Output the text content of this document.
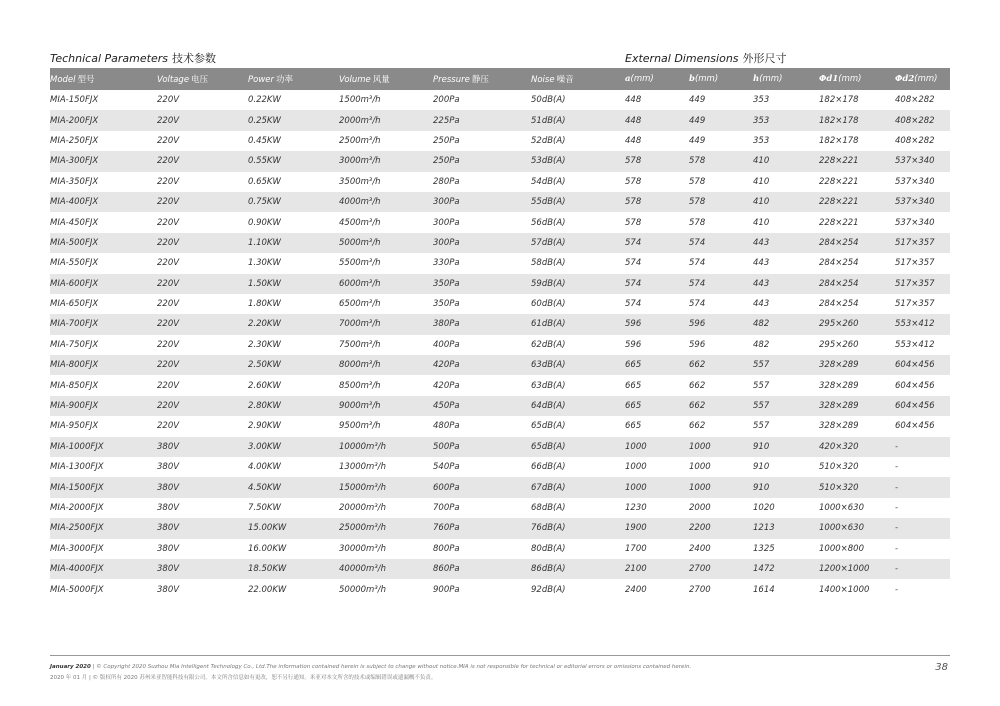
Technical Parameters 技术参数	External Dimensions 外形尺寸
Model 型号	Voltage 电压	Power 功率	Volume 风量	Pressure 静压	Noise 噪音	a(mm)	b(mm)	h(mm)	Φd1(mm)	Φd2(mm)
MIA-150FJX	220V	0.22KW	1500m³/h	200Pa	50dB(A)	448	449	353	182×178	408×282
MIA-200FJX	220V	0.25KW	2000m³/h	225Pa	51dB(A)	448	449	353	182×178	408×282
MIA-250FJX	220V	0.45KW	2500m³/h	250Pa	52dB(A)	448	449	353	182×178	408×282
MIA-300FJX	220V	0.55KW	3000m³/h	250Pa	53dB(A)	578	578	410	228×221	537×340
MIA-350FJX	220V	0.65KW	3500m³/h	280Pa	54dB(A)	578	578	410	228×221	537×340
MIA-400FJX	220V	0.75KW	4000m³/h	300Pa	55dB(A)	578	578	410	228×221	537×340
MIA-450FJX	220V	0.90KW	4500m³/h	300Pa	56dB(A)	578	578	410	228×221	537×340
MIA-500FJX	220V	1.10KW	5000m³/h	300Pa	57dB(A)	574	574	443	284×254	517×357
MIA-550FJX	220V	1.30KW	5500m³/h	330Pa	58dB(A)	574	574	443	284×254	517×357
MIA-600FJX	220V	1.50KW	6000m³/h	350Pa	59dB(A)	574	574	443	284×254	517×357
MIA-650FJX	220V	1.80KW	6500m³/h	350Pa	60dB(A)	574	574	443	284×254	517×357
MIA-700FJX	220V	2.20KW	7000m³/h	380Pa	61dB(A)	596	596	482	295×260	553×412
MIA-750FJX	220V	2.30KW	7500m³/h	400Pa	62dB(A)	596	596	482	295×260	553×412
MIA-800FJX	220V	2.50KW	8000m³/h	420Pa	63dB(A)	665	662	557	328×289	604×456
MIA-850FJX	220V	2.60KW	8500m³/h	420Pa	63dB(A)	665	662	557	328×289	604×456
MIA-900FJX	220V	2.80KW	9000m³/h	450Pa	64dB(A)	665	662	557	328×289	604×456
MIA-950FJX	220V	2.90KW	9500m³/h	480Pa	65dB(A)	665	662	557	328×289	604×456
MIA-1000FJX	380V	3.00KW	10000m³/h	500Pa	65dB(A)	1000	1000	910	420×320	-
MIA-1300FJX	380V	4.00KW	13000m³/h	540Pa	66dB(A)	1000	1000	910	510×320	-
MIA-1500FJX	380V	4.50KW	15000m³/h	600Pa	67dB(A)	1000	1000	910	510×320	-
MIA-2000FJX	380V	7.50KW	20000m³/h	700Pa	68dB(A)	1230	2000	1020	1000×630	-
MIA-2500FJX	380V	15.00KW	25000m³/h	760Pa	76dB(A)	1900	2200	1213	1000×630	-
MIA-3000FJX	380V	16.00KW	30000m³/h	800Pa	80dB(A)	1700	2400	1325	1000×800	-
MIA-4000FJX	380V	18.50KW	40000m³/h	860Pa	86dB(A)	2100	2700	1472	1200×1000	-
MIA-5000FJX	380V	22.00KW	50000m³/h	900Pa	92dB(A)	2400	2700	1614	1400×1000	-
January 2020 | © Copyright 2020 Suzhou Mia Intelligent Technology Co., Ltd.The information contained herein is subject to change without notice.MIA is not responsible for technical or editorial errors or omissions contained herein.
2020 年 01 月 | © 版权所有 2020 苏州米亚智能科技有限公司。本文所含信息如有更改，恕不另行通知。米亚对本文所含的技术或编辑错误或遗漏概不负责。
38
